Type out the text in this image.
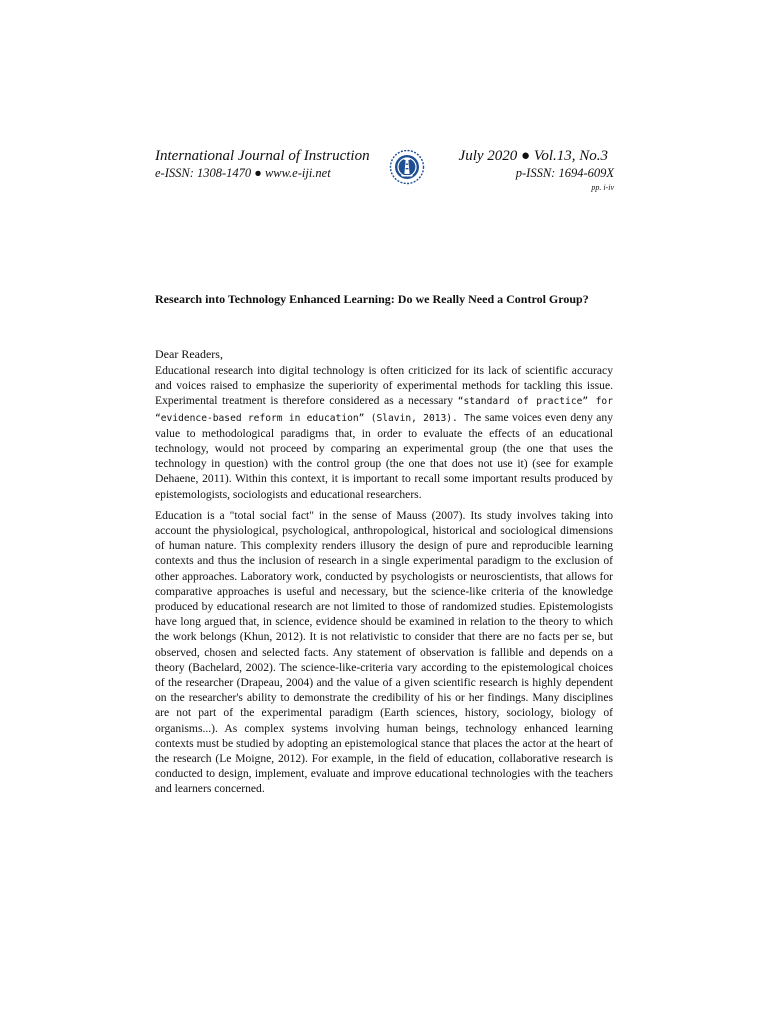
International Journal of Instruction	July 2020 ● Vol.13, No.3
e-ISSN: 1308-1470 ● www.e-iji.net	p-ISSN: 1694-609X
pp. i-iv
Research into Technology Enhanced Learning: Do we Really Need a Control Group?
Dear Readers,

Educational research into digital technology is often criticized for its lack of scientific accuracy and voices raised to emphasize the superiority of experimental methods for tackling this issue. Experimental treatment is therefore considered as a necessary “standard of practice” for “evidence-based reform in education” (Slavin, 2013). The same voices even deny any value to methodological paradigms that, in order to evaluate the effects of an educational technology, would not proceed by comparing an experimental group (the one that uses the technology in question) with the control group (the one that does not use it) (see for example Dehaene, 2011). Within this context, it is important to recall some important results produced by epistemologists, sociologists and educational researchers.

Education is a "total social fact" in the sense of Mauss (2007). Its study involves taking into account the physiological, psychological, anthropological, historical and sociological dimensions of human nature. This complexity renders illusory the design of pure and reproducible learning contexts and thus the inclusion of research in a single experimental paradigm to the exclusion of other approaches. Laboratory work, conducted by psychologists or neuroscientists, that allows for comparative approaches is useful and necessary, but the science-like criteria of the knowledge produced by educational research are not limited to those of randomized studies. Epistemologists have long argued that, in science, evidence should be examined in relation to the theory to which the work belongs (Khun, 2012). It is not relativistic to consider that there are no facts per se, but observed, chosen and selected facts. Any statement of observation is fallible and depends on a theory (Bachelard, 2002). The science-like-criteria vary according to the epistemological choices of the researcher (Drapeau, 2004) and the value of a given scientific research is highly dependent on the researcher's ability to demonstrate the credibility of his or her findings. Many disciplines are not part of the experimental paradigm (Earth sciences, history, sociology, biology of organisms...). As complex systems involving human beings, technology enhanced learning contexts must be studied by adopting an epistemological stance that places the actor at the heart of the research (Le Moigne, 2012). For example, in the field of education, collaborative research is conducted to design, implement, evaluate and improve educational technologies with the teachers and learners concerned.
